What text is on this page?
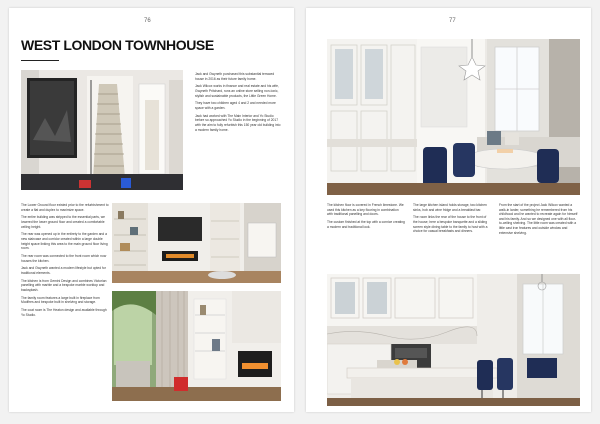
76
WEST LONDON TOWNHOUSE

Jack and Gwyneth purchased this substantial terraced house in 2016 as their future family home.

Jack Wilcox works in finance and real estate and his wife, Gwyneth Pritchard, runs an online store selling non-toxic, stylish and sustainable products, the Little Green Home.

They have two children aged 4 and 2 and needed more space with a garden.

Jack had worked with The Main Interior and Yo Studio before so approached Yo Studio in the beginning of 2017 with the aim to fully refurbish this 150 year old building into a modern family home.

The Lower Ground floor existed prior to the refurbishment to create a flat and duplex to maximize space.

The entire building was stripped to the essential parts, we lowered the lower ground floor and created a comfortable ceiling height.

The rear was opened up in the entirety to the garden and a new staircase and corridor created within a large double height space linking this area to the main ground floor living room.

The rear room was connected to the front room which now houses the kitchen.

Jack and Gwyneth wanted a modern lifestyle but opted for traditional elements.

The kitchen is from Gemini Design and combines Victorian panelling with marble and a bespoke marble worktop and backsplash.

The family room features a large built in fireplace from Modfires and bespoke built in shelving and storage.

The coat room is The Heaton design and available through Yo Studio.

77

The kitchen floor is covered in French limestone. We used this kitchen as a key flooring in combination with traditional panelling and doors.

The custom finished at the top with a cornice creating a modern and traditional look.

The large kitchen island holds storage, two kitchen sinks, hob and wine fridge and a breakfast bar.

The room links the rear of the house to the front of the house; here a bespoke banquette and a sliding screen style dining table to the family to host with a choice for casual breakfasts and dinners.

From the start of the project Jack Wilcox wanted a walk-in larder, something he remembered from his childhood and he wanted to recreate again for himself and his family. And so we designed one with all floor-to-ceiling shelving. The little room was created with a little cast iron features and outside window and extensive shelving.
